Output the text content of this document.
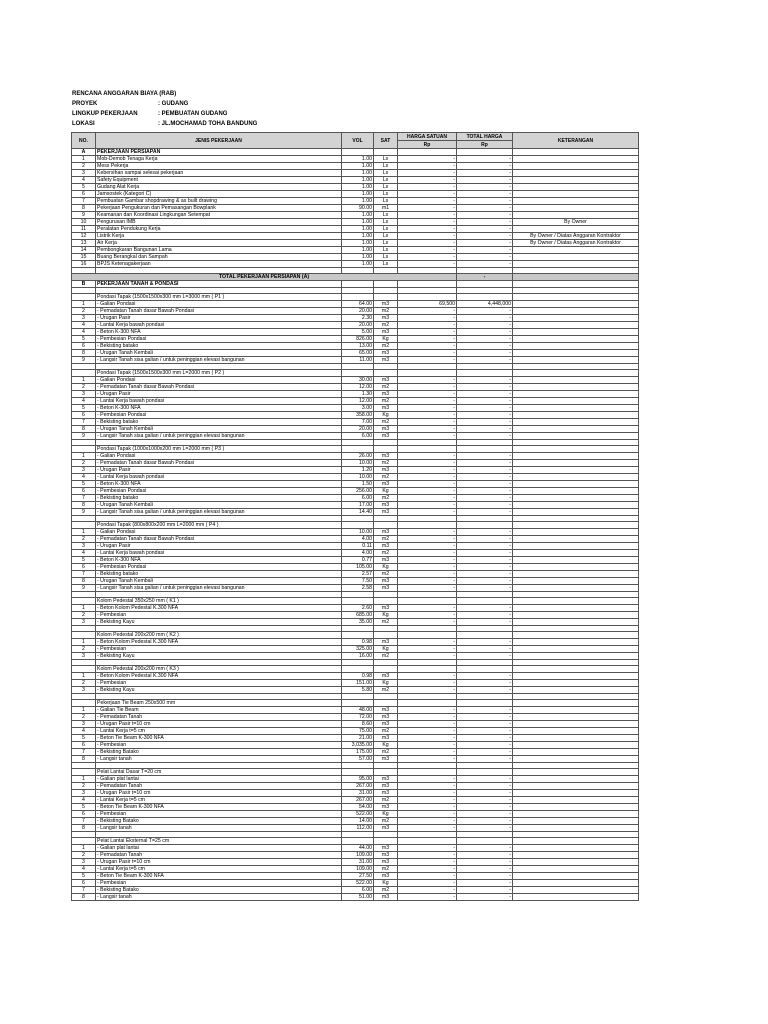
RENCANA ANGGARAN BIAYA (RAB)
PROYEK	: GUDANG
LINGKUP PEKERJAAN	: PEMBUATAN GUDANG
LOKASI	: JL.MOCHAMAD TOHA BANDUNG
NO.	JENIS PEKERJAAN	VOL	SAT	HARGA SATUAN	TOTAL HARGA	KETERANGAN
				Rp	Rp	
A	PEKERJAAN PERSIAPAN					
1	Mob-Demob Tenaga Kerja	1.00	Ls	-	-	
2	Mess Pekerja	1.00	Ls	-	-	
3	Kebersihan sampai selesai pekerjaan	1.00	Ls	-	-	
4	Safety Equipment	1.00	Ls	-	-	
5	Gudang Alat Kerja	1.00	Ls	-	-	
6	Jamsostek (Kategori C)	1.00	Ls	-	-	
7	Pembuatan Gambar shopdrawing & as built drawing	1.00	Ls	-	-	
8	Pekerjaan Pengukuran dan Pemasangan Bowplank	90.00	m1	-	-	
9	Keamanan dan Koordinasi Lingkungan Setempat	1.00	Ls	-	-	
10	Pengurusan IMB	1.00	Ls	-	-	By Owner
11	Peralatan Pendukung Kerja	1.00	Ls	-	-	
12	Listrik Kerja	1.00	Ls	-	-	By Owner / Diatas Anggaran Kontraktor
13	Air Kerja	1.00	Ls	-	-	By Owner / Diatas Anggaran Kontraktor
14	Pembongkaran Bangunan Lama	1.00	Ls	-	-	
15	Buang Berangkal dan Sampah	1.00	Ls	-	-	
16	BPJS Ketenagakerjaan	1.00	Ls	-	-	

TOTAL PEKERJAAN PERSIAPAN (A)					-	
B	PEKERJAAN TANAH & PONDASI					

	Pondasi Tapak (1500x1500x300 mm L=3000 mm ( P1 )					
1	- Galian Pondasi	64.00	m3	69,500	4,448,000	
2	- Pemadatan Tanah dasar Bawah Pondasi	20.00	m2	-	-	
3	- Urugan Pasir	2.30	m3	-	-	
4	- Lantai Kerja bawah pondasi	20.00	m2	-	-	
4	- Beton K-300 NFA	5.00	m3	-	-	
5	- Pembesian Pondasi	826.00	Kg	-	-	
6	- Bekisting batako	13.00	m2	-	-	
8	- Urugan Tanah Kembali	65.00	m3	-	-	
9	- Langsir Tanah sisa galian / untuk peninggian elevasi bangunan	11.00	m3	-	-	

	Pondasi Tapak (1500x1500x300 mm L=2000 mm ( P2 )					
1	- Galian Pondasi	30.00	m3	-	-	
2	- Pemadatan Tanah dasar Bawah Pondasi	12.00	m2	-	-	
3	- Urugan Pasir	1.30	m3	-	-	
4	- Lantai Kerja bawah pondasi	12.00	m2	-	-	
5	- Beton K-300 NFA	3.00	m3	-	-	
6	- Pembesian Pondasi	358.00	Kg	-	-	
7	- Bekisting batako	7.00	m2	-	-	
8	- Urugan Tanah Kembali	20.00	m3	-	-	
9	- Langsir Tanah sisa galian / untuk peninggian elevasi bangunan	6.00	m3	-	-	

	Pondasi Tapak (1000x1000x200 mm L=2000 mm ( P3 )					
1	- Galian Pondasi	26.00	m3	-	-	
2	- Pemadatan Tanah dasar Bawah Pondasi	10.00	m2	-	-	
3	- Urugan Pasir	1.20	m3	-	-	
4	- Lantai Kerja bawah pondasi	10.00	m2	-	-	
5	- Beton K-300 NFA	1.50	m3	-	-	
6	- Pembesian Pondasi	256.00	Kg	-	-	
7	- Bekisting batako	6.00	m2	-	-	
8	- Urugan Tanah Kembali	17.00	m3	-	-	
9	- Langsir Tanah sisa galian / untuk peninggian elevasi bangunan	14.40	m3	-	-	

	Pondasi Tapak (800x800x200 mm L=2000 mm ( P4 )					
1	- Galian Pondasi	10.00	m3	-	-	
2	- Pemadatan Tanah dasar Bawah Pondasi	4.00	m2	-	-	
3	- Urugan Pasir	0.11	m3	-	-	
4	- Lantai Kerja bawah pondasi	4.00	m2	-	-	
5	- Beton K-300 NFA	0.77	m3	-	-	
6	- Pembesian Pondasi	105.00	Kg	-	-	
7	- Bekisting batako	2.57	m2	-	-	
8	- Urugan Tanah Kembali	7.50	m3	-	-	
9	- Langsir Tanah sisa galian / untuk peninggian elevasi bangunan	2.58	m3	-	-	

	Kolom Pedestal 350x250 mm ( K1 )					
1	- Beton Kolom Pedestal K.300 NFA	2.60	m3	-	-	
2	- Pembesian	685.00	Kg	-	-	
3	- Bekisting Kayu	35.00	m2	-	-	

	Kolom Pedestal 200x200 mm ( K2 )					
1	- Beton Kolom Pedestal K.300 NFA	0.98	m3	-	-	
2	- Pembesian	325.00	Kg	-	-	
3	- Bekisting Kayu	16.00	m2	-	-	

	Kolom Pedestal 200x200 mm ( K3 )					
1	- Beton Kolom Pedestal K.300 NFA	0.98	m3	-	-	
2	- Pembesian	151.00	Kg	-	-	
3	- Bekisting Kayu	5.80	m2	-	-	

	Pekerjaan Tie Beam 250x500 mm					
1	- Galian Tie Beam	48.00	m3	-	-	
2	- Pemadatan Tanah	72.00	m3	-	-	
3	- Urugan Pasir t=10 cm	8.60	m3	-	-	
4	- Lantai Kerja t=5 cm	75.00	m2	-	-	
5	- Beton Tie Beam K-300 NFA	21.00	m3	-	-	
6	- Pembesian	3,035.00	Kg	-	-	
7	- Bekisting Batako	175.00	m2	-	-	
8	- Langsir tanah	57.00	m3	-	-	

	Pelat Lantai Dasar T=20 cm					
1	- Galian plat lantai	95.00	m3	-	-	
2	- Pemadatan Tanah	267.00	m3	-	-	
3	- Urugan Pasir t=10 cm	31.00	m3	-	-	
4	- Lantai Kerja t=5 cm	267.00	m2	-	-	
5	- Beton Tie Beam K-300 NFA	54.00	m3	-	-	
6	- Pembesian	522.00	Kg	-	-	
7	- Bekisting Batako	14.00	m2	-	-	
8	- Langsir tanah	112.00	m3	-	-	

	Pelat Lantai Eksternal T=25 cm					
1	- Galian plat lantai	44.00	m3	-	-	
2	- Pemadatan Tanah	109.00	m3	-	-	
3	- Urugan Pasir t=10 cm	31.00	m3	-	-	
4	- Lantai Kerja t=5 cm	109.00	m2	-	-	
5	- Beton Tie Beam K-300 NFA	27.50	m3	-	-	
6	- Pembesian	522.00	Kg	-	-	
7	- Bekisting Batako	6.00	m2	-	-	
8	- Langsir tanah	51.00	m3	-	-	
